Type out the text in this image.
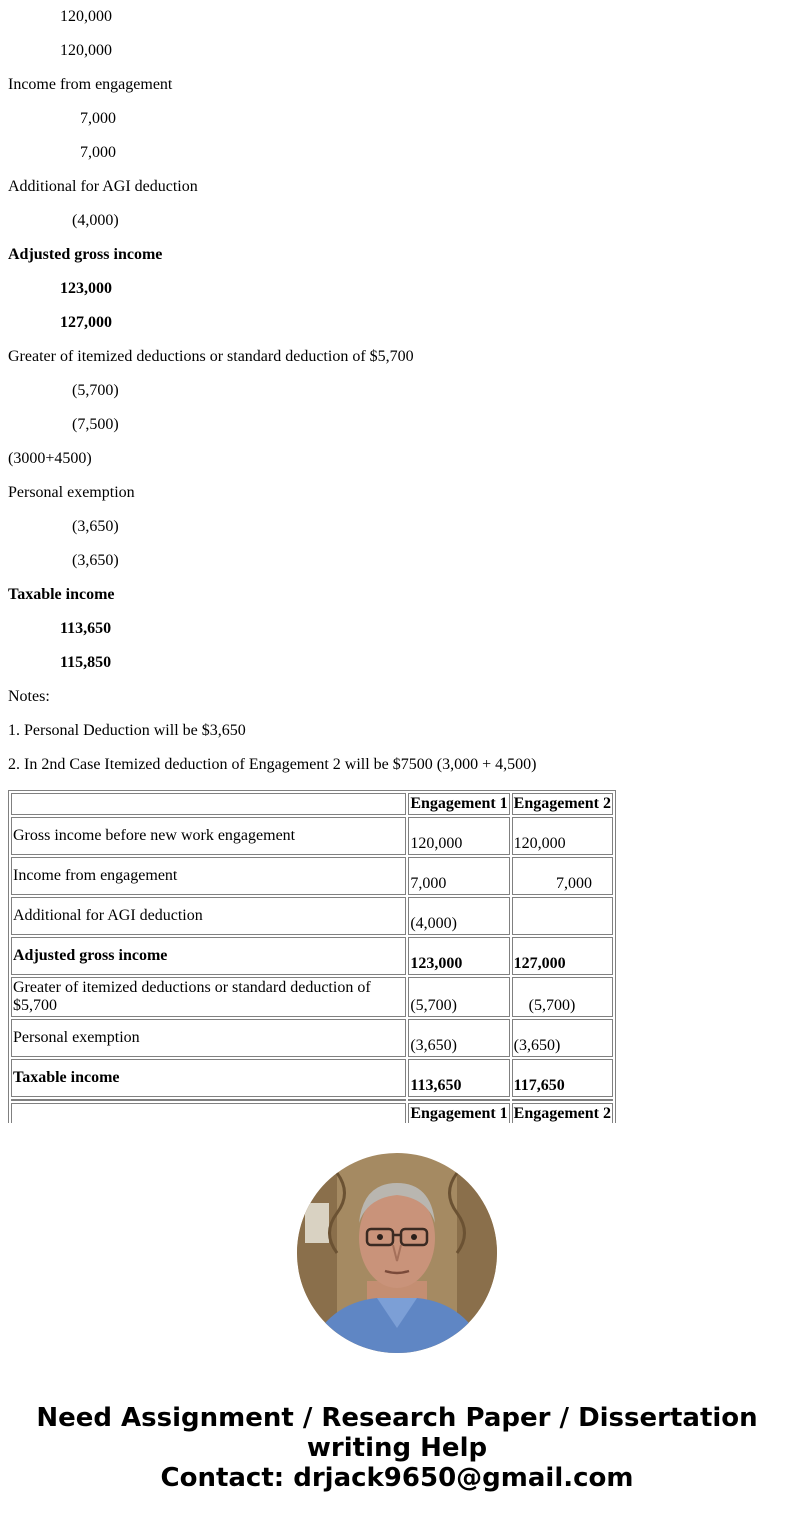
120,000
120,000
Income from engagement
7,000
7,000
Additional for AGI deduction
(4,000)
Adjusted gross income
123,000
127,000
Greater of itemized deductions or standard deduction of $5,700
(5,700)
(7,500)
(3000+4500)
Personal exemption
(3,650)
(3,650)
Taxable income
113,650
115,850
Notes:
1. Personal Deduction will be $3,650
2. In 2nd Case Itemized deduction of Engagement 2 will be $7500 (3,000 + 4,500)
	Engagement 1	Engagement 2
Gross income before new work engagement	120,000	120,000
Income from engagement	7,000	7,000
Additional for AGI deduction	(4,000)	
Adjusted gross income	123,000	127,000
Greater of itemized deductions or standard deduction of $5,700	(5,700)	(5,700)
Personal exemption	(3,650)	(3,650)
Taxable income	113,650	117,650

	Engagement 1	Engagement 2
Need Assignment / Research Paper / Dissertation
writing Help
Contact: drjack9650@gmail.com
